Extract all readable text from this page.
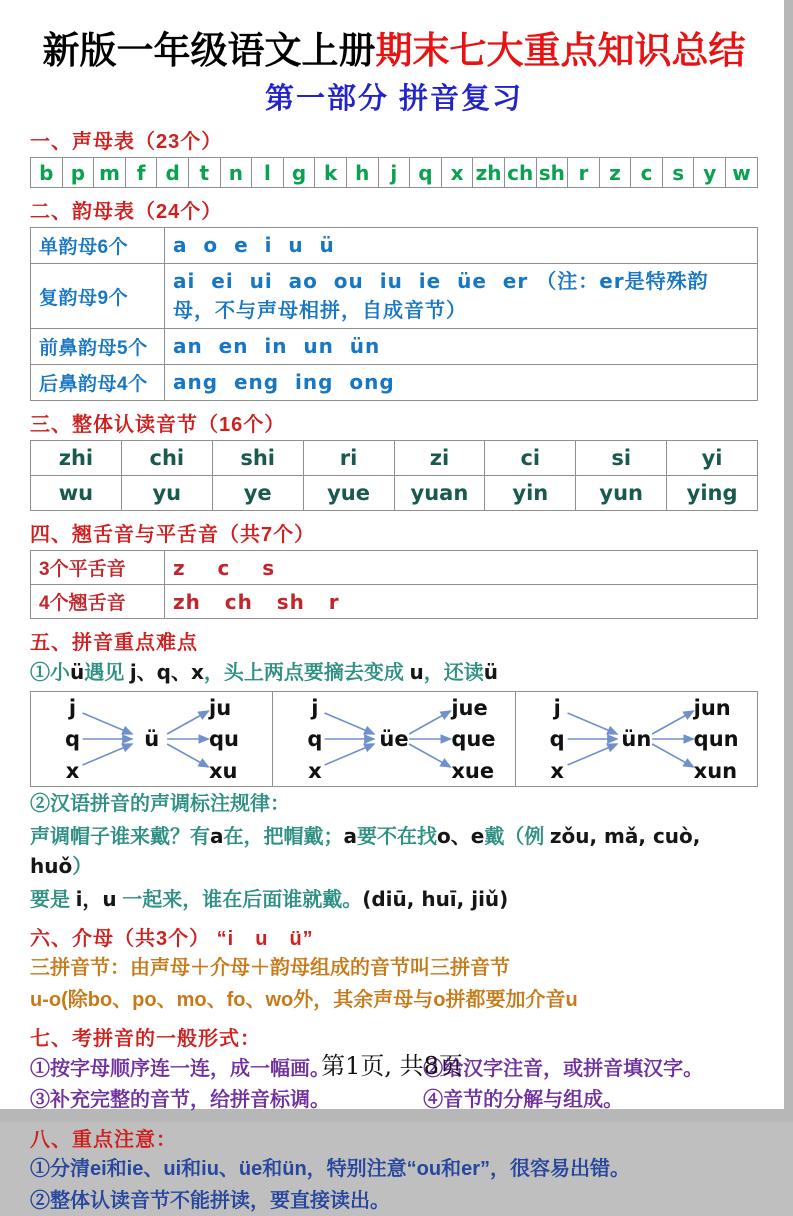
新版一年级语文上册期末七大重点知识总结
第一部分 拼音复习
一、声母表（23个）
b	p	m	f	d	t	n	l	g	k	h	j	q	x	zh	ch	sh	r	z	c	s	y	w
二、韵母表（24个）
单韵母6个	a  o  e  i  u  ü
复韵母9个	ai  ei  ui  ao  ou  iu  ie  üe  er （注：er是特殊韵母，不与声母相拼，自成音节）
前鼻韵母5个	an  en  in  un  ün
后鼻韵母4个	ang  eng  ing  ong
三、整体认读音节（16个）
zhi	chi	shi	ri	zi	ci	si	yi
wu	yu	ye	yue	yuan	yin	yun	ying
四、翘舌音与平舌音（共7个）
3个平舌音	z    c    s
4个翘舌音	zh   ch   sh   r
五、拼音重点难点
①小ü遇见 j、q、x，头上两点要摘去变成 u，还读ü
j
q
x
ü
ju
qu
xu

j
q
x
üe
jue
que
xue

j
q
x
ün
jun
qun
xun
②汉语拼音的声调标注规律：
声调帽子谁来戴？有a在，把帽戴；a要不在找o、e戴（例 zǒu, mǎ, cuò, huǒ）
要是 i，u 一起来，谁在后面谁就戴。(diū, huī, jiǔ)
六、介母（共3个） “i　u　ü”
三拼音节：由声母＋介母＋韵母组成的音节叫三拼音节
u-o(除bo、po、mo、fo、wo外，其余声母与o拼都要加介音u
七、考拼音的一般形式：
①按字母顺序连一连，成一幅画。	②给汉字注音，或拼音填汉字。
③补充完整的音节，给拼音标调。	④音节的分解与组成。
八、重点注意：
①分清ei和ie、ui和iu、üe和ün，特别注意“ou和er”，很容易出错。
②整体认读音节不能拼读，要直接读出。
第1页, 共8页
